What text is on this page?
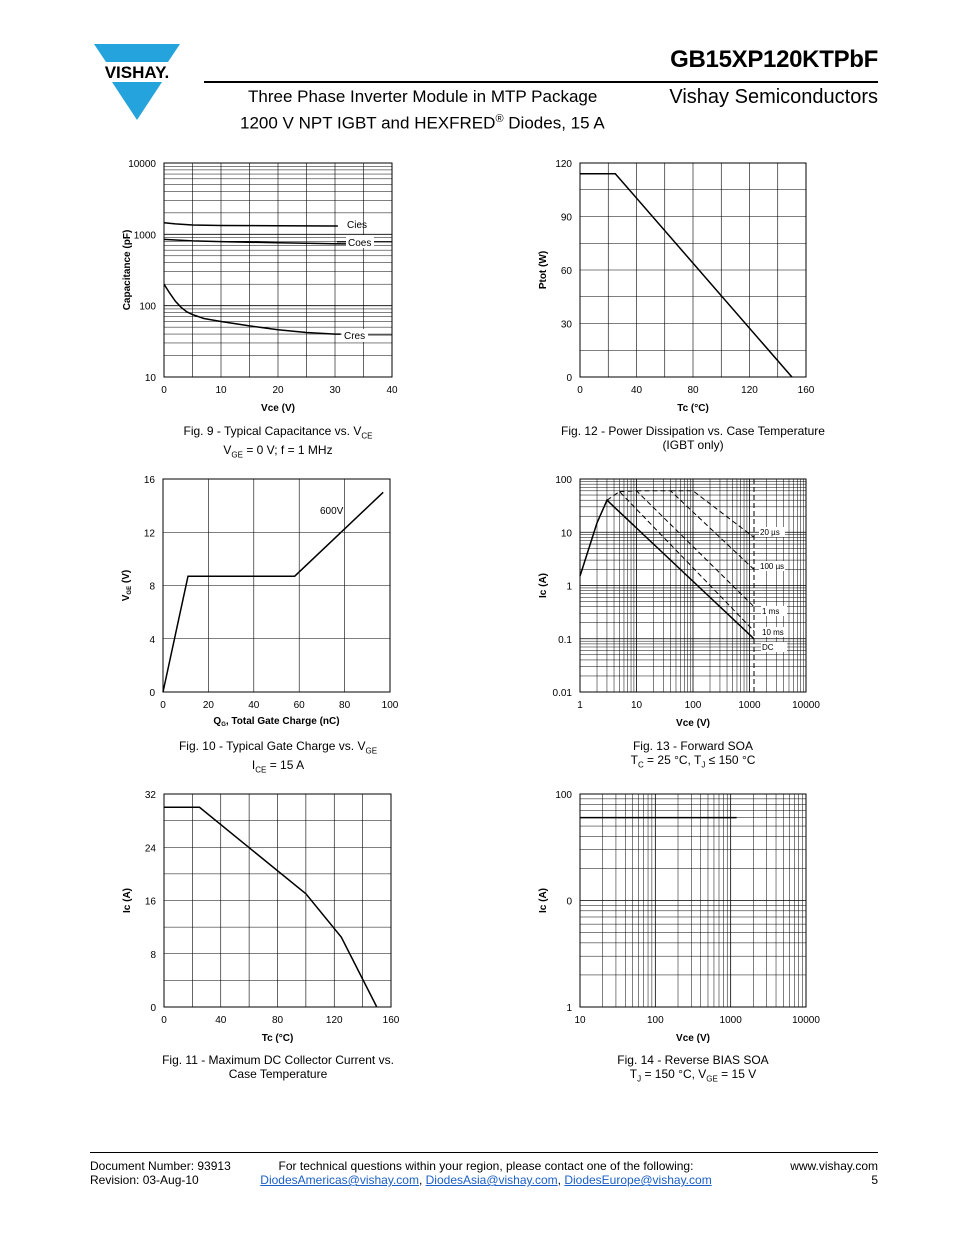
VISHAY.	GB15XP120KTPbF
Three Phase Inverter Module in MTP Package
1200 V NPT IGBT and HEXFRED® Diodes, 15 A
Vishay Semiconductors
0	10	20	30	40
10
100
1000
10000
Vce (V)
Capacitance (pF)
0	40	80	120	160
0
30
60
90
120
Tc (°C)
Ptot (W)
0	20	40	60	80	100
0
4
8
12
16
$Q_G$, Total Gate Charge (nC)
$V_{GE}$ (V)
1	10	100	1000	10000
0.01
0.1
1
10
100
Vce (V)
Ic (A)
0	40	80	120	160
0
8
16
24
32
Tc (°C)
Ic (A)
10	100	1000	10000
1
0
100
Vce (V)
Ic (A)
Cies
Coes
Cres
600V
20 µs
100 µs
1 ms
10 ms
DC
Fig. 9 - Typical Capacitance vs. $V_{CE}$
$V_{GE} = 0$ V; f = 1 MHz
Fig. 12 - Power Dissipation vs. Case Temperature
(IGBT only)
Fig. 10 - Typical Gate Charge vs. $V_{GE}$
$I_{CE} = 15$ A
Fig. 13 - Forward SOA
$T_C = 25$ °C, $T_J \le 150$ °C
Fig. 11 - Maximum DC Collector Current vs.
Case Temperature
Fig. 14 - Reverse BIAS SOA
$T_J = 150$ °C, $V_{GE} = 15$ V
Document Number: 93913
Revision: 03-Aug-10
For technical questions within your region, please contact one of the following:
DiodesAmericas@vishay.com, DiodesAsia@vishay.com, DiodesEurope@vishay.com
www.vishay.com
5
